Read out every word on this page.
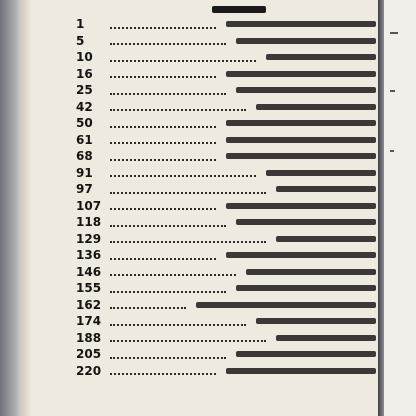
1
5
10
16
25
42
50
61
68
91
97
107
118
129
136
146
155
162
174
188
205
220
